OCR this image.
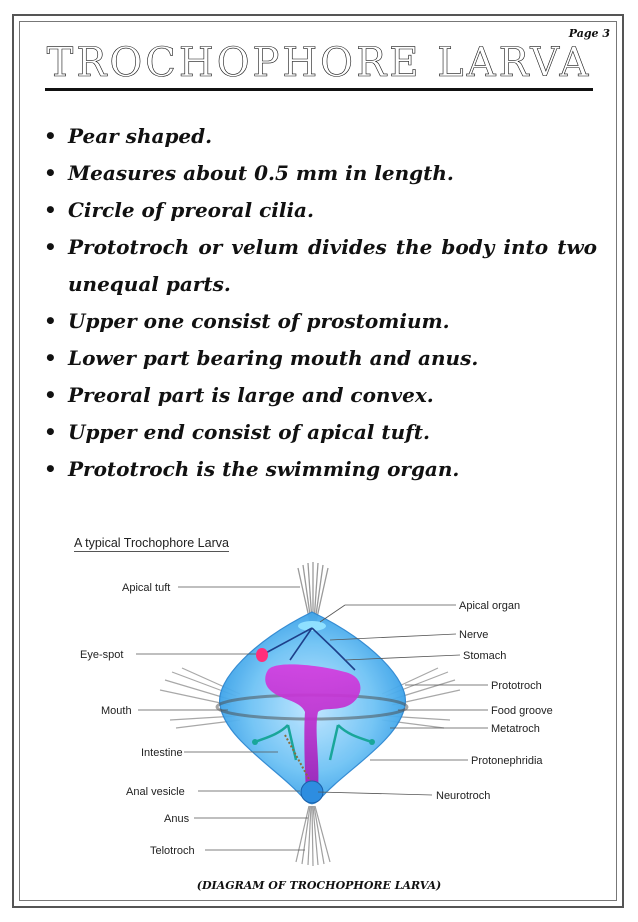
Page 3
TROCHOPHORE LARVA
• Pear shaped.
• Measures about 0.5 mm in length.
• Circle of preoral cilia.
• Prototroch or velum divides the body into two unequal parts.
• Upper one consist of prostomium.
• Lower part bearing mouth and anus.
• Preoral part is large and convex.
• Upper end consist of apical tuft.
• Prototroch is the swimming organ.
A typical Trochophore Larva
Apical tuft
Eye-spot
Mouth
Intestine
Anal vesicle
Anus
Telotroch
Apical organ
Nerve
Stomach
Prototroch
Food groove
Metatroch
Protonephridia
Neurotroch
(DIAGRAM OF TROCHOPHORE LARVA)
